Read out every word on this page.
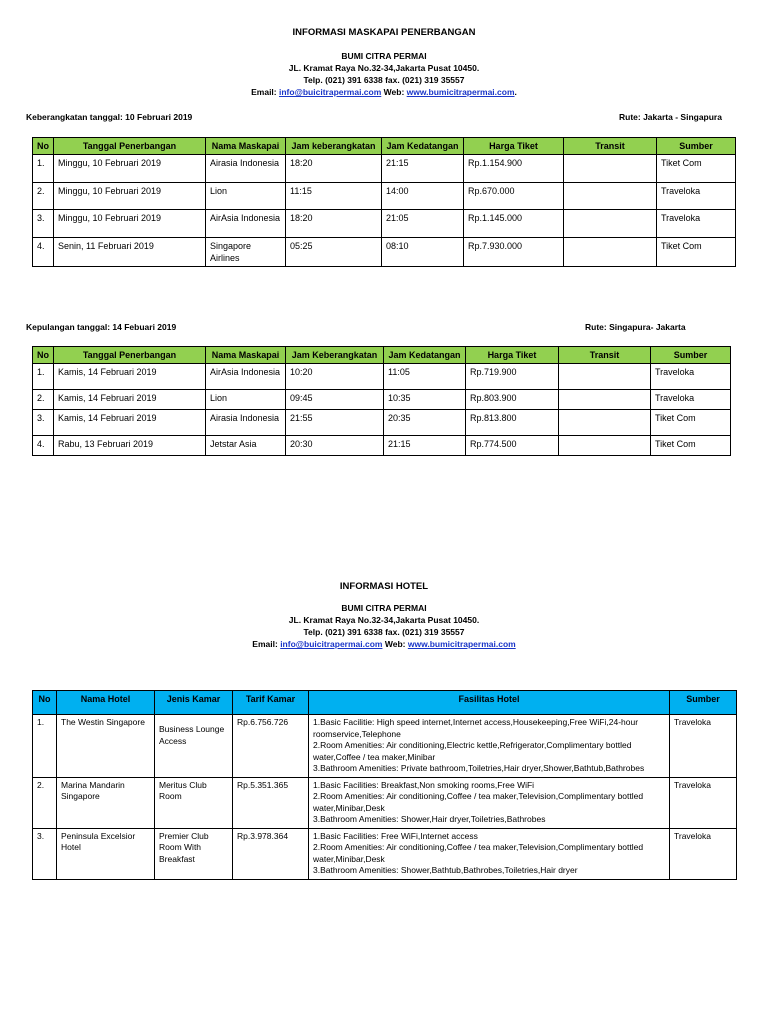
INFORMASI MASKAPAI PENERBANGAN
BUMI CITRA PERMAI
JL. Kramat Raya No.32-34,Jakarta Pusat 10450.
Telp. (021) 391 6338 fax. (021) 319 35557
Email: info@buicitrapermai.com Web: www.bumicitrapermai.com.
Keberangkatan tanggal: 10 Februari 2019	Rute: Jakarta - Singapura
No	Tanggal Penerbangan	Nama Maskapai	Jam keberangkatan	Jam Kedatangan	Harga Tiket	Transit	Sumber
1.	Minggu, 10 Februari 2019	Airasia Indonesia	18:20	21:15	Rp.1.154.900		Tiket Com
2.	Minggu, 10 Februari 2019	Lion	11:15	14:00	Rp.670.000		Traveloka
3.	Minggu, 10 Februari 2019	AirAsia Indonesia	18:20	21:05	Rp.1.145.000		Traveloka
4.	Senin, 11 Februari 2019	Singapore Airlines	05:25	08:10	Rp.7.930.000		Tiket Com
Kepulangan tanggal: 14 Febuari 2019	Rute: Singapura- Jakarta
No	Tanggal Penerbangan	Nama Maskapai	Jam Keberangkatan	Jam Kedatangan	Harga Tiket	Transit	Sumber
1.	Kamis, 14 Februari 2019	AirAsia Indonesia	10:20	11:05	Rp.719.900		Traveloka
2.	Kamis, 14 Februari 2019	Lion	09:45	10:35	Rp.803.900		Traveloka
3.	Kamis, 14 Februari 2019	Airasia Indonesia	21:55	20:35	Rp.813.800		Tiket Com
4.	Rabu, 13 Februari 2019	Jetstar Asia	20:30	21:15	Rp.774.500		Tiket Com
INFORMASI HOTEL
BUMI CITRA PERMAI
JL. Kramat Raya No.32-34,Jakarta Pusat 10450.
Telp. (021) 391 6338 fax. (021) 319 35557
Email: info@buicitrapermai.com Web: www.bumicitrapermai.com
No	Nama Hotel	Jenis Kamar	Tarif Kamar	Fasilitas Hotel	Sumber
1.	The Westin Singapore	Business Lounge Access	Rp.6.756.726	1.Basic Facilitie: High speed internet,Internet access,Housekeeping,Free WiFi,24-hour roomservice,Telephone
2.Room Amenities: Air conditioning,Electric kettle,Refrigerator,Complimentary bottled water,Coffee / tea maker,Minibar
3.Bathroom Amenities: Private bathroom,Toiletries,Hair dryer,Shower,Bathtub,Bathrobes	Traveloka
2.	Marina Mandarin Singapore	Meritus Club Room	Rp.5.351.365	1.Basic Facilities: Breakfast,Non smoking rooms,Free WiFi
2.Room Amenities: Air conditioning,Coffee / tea maker,Television,Complimentary bottled water,Minibar,Desk
3.Bathroom Amenities: Shower,Hair dryer,Toiletries,Bathrobes	Traveloka
3.	Peninsula Excelsior Hotel	Premier Club Room With Breakfast	Rp.3.978.364	1.Basic Facilities: Free WiFi,Internet access
2.Room Amenities: Air conditioning,Coffee / tea maker,Television,Complimentary bottled water,Minibar,Desk
3.Bathroom Amenities: Shower,Bathtub,Bathrobes,Toiletries,Hair dryer	Traveloka
